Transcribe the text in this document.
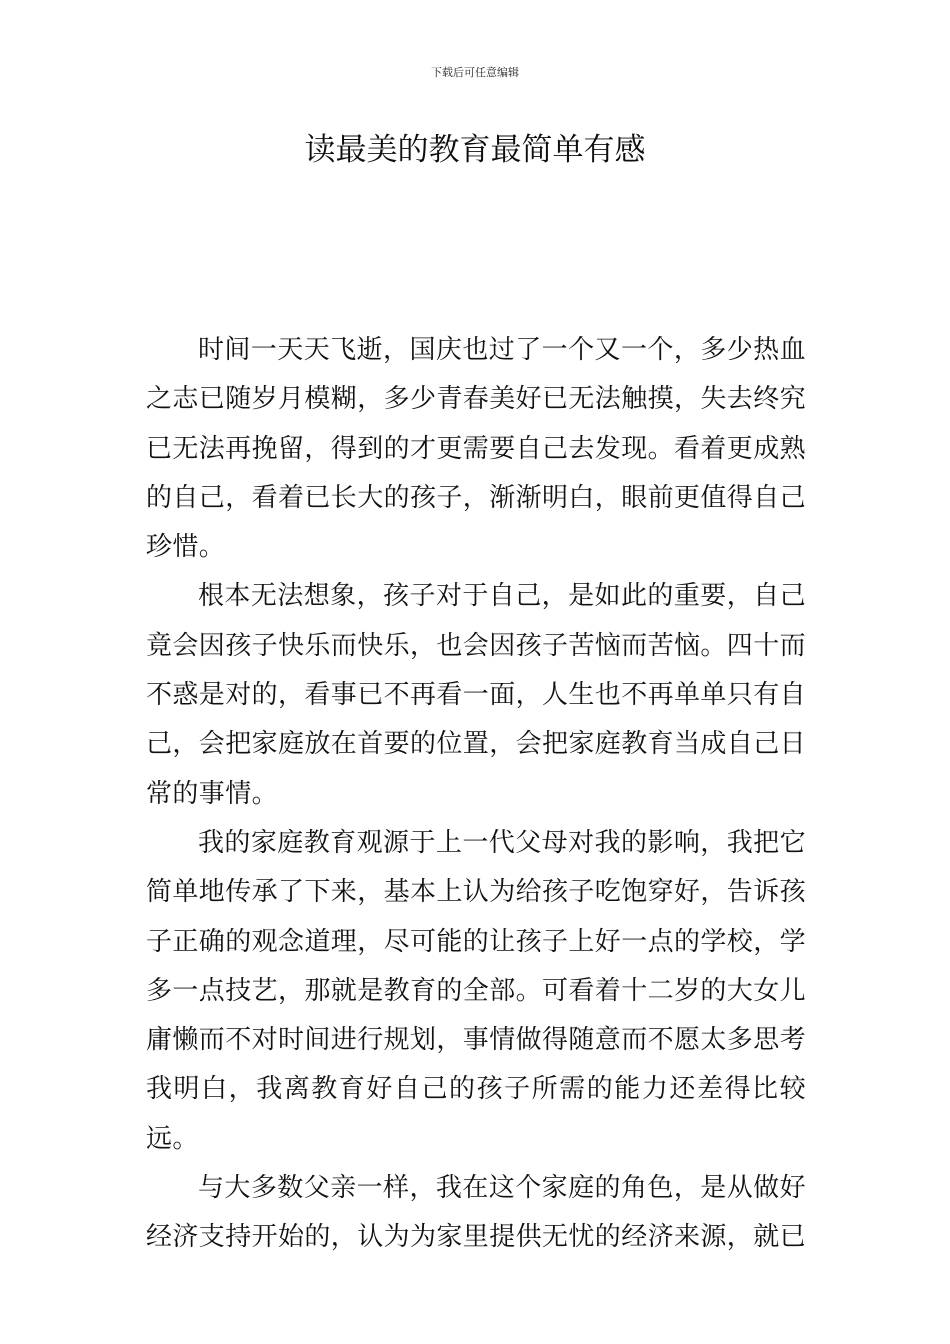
下载后可任意编辑
读最美的教育最简单有感

时间一天天飞逝，国庆也过了一个又一个，多少热血之志已随岁月模糊，多少青春美好已无法触摸，失去终究已无法再挽留，得到的才更需要自己去发现。看着更成熟的自己，看着已长大的孩子，渐渐明白，眼前更值得自己珍惜。

根本无法想象，孩子对于自己，是如此的重要，自己竟会因孩子快乐而快乐，也会因孩子苦恼而苦恼。四十而不惑是对的，看事已不再看一面，人生也不再单单只有自己，会把家庭放在首要的位置，会把家庭教育当成自己日常的事情。

我的家庭教育观源于上一代父母对我的影响，我把它简单地传承了下来，基本上认为给孩子吃饱穿好，告诉孩子正确的观念道理，尽可能的让孩子上好一点的学校，学多一点技艺，那就是教育的全部。可看着十二岁的大女儿庸懒而不对时间进行规划，事情做得随意而不愿太多思考我明白，我离教育好自己的孩子所需的能力还差得比较远。

与大多数父亲一样，我在这个家庭的角色，是从做好经济支持开始的，认为为家里提供无忧的经济来源，就已
